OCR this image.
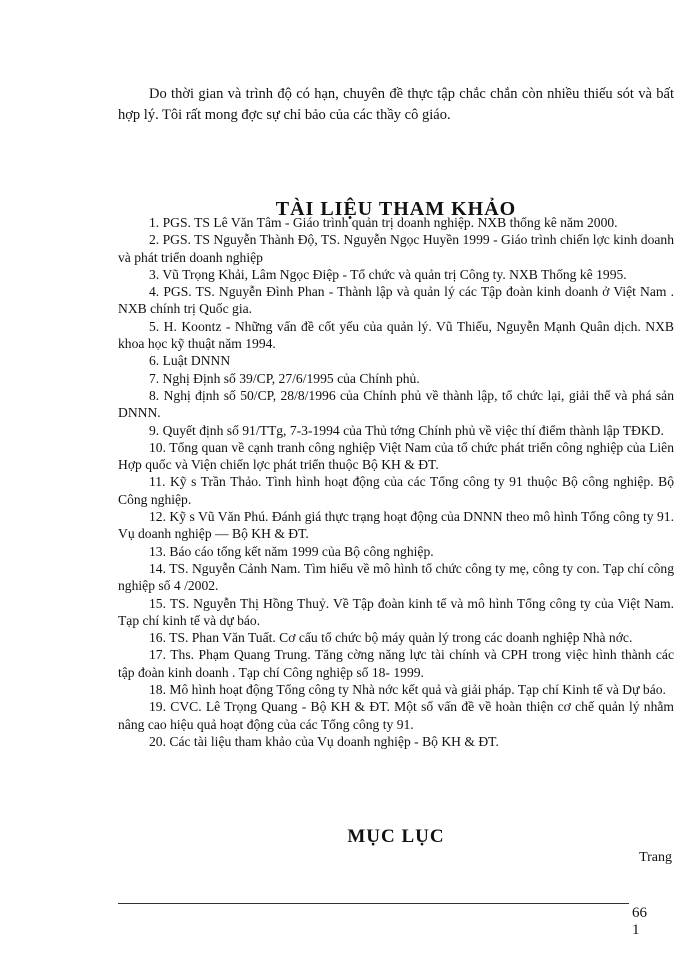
Do thời gian và trình độ có hạn, chuyên đề thực tập chắc chắn còn nhiều thiếu sót và bất hợp lý. Tôi rất mong đợc sự chỉ bảo của các thầy cô giáo.

TÀI LIỆU THAM KHẢO
1. PGS. TS Lê Văn Tâm - Giáo trình quản trị doanh nghiệp. NXB thống kê năm 2000.
2. PGS. TS Nguyễn Thành Độ, TS. Nguyễn Ngọc Huyền 1999 - Giáo trình chiến lợc kinh doanh và phát triển doanh nghiệp
3. Vũ Trọng Khải, Lâm Ngọc Điệp - Tổ chức và quản trị Công ty. NXB Thống kê 1995.
4. PGS. TS. Nguyễn Đình Phan - Thành lập và quản lý các Tập đoàn kinh doanh ở Việt Nam . NXB chính trị Quốc gia.
5. H. Koontz - Những vấn đề cốt yếu của quản lý. Vũ Thiếu, Nguyễn Mạnh Quân dịch. NXB khoa học kỹ thuật năm 1994.
6. Luật DNNN
7. Nghị Định số 39/CP, 27/6/1995 của Chính phủ.
8. Nghị định số 50/CP, 28/8/1996 của Chính phủ về thành lập, tổ chức lại, giải thể và phá sản DNNN.
9. Quyết định số 91/TTg, 7-3-1994 của Thủ tớng Chính phủ về việc thí điểm thành lập TĐKD.
10. Tổng quan về cạnh tranh công nghiệp Việt Nam của tổ chức phát triển công nghiệp của Liên Hợp quốc và Viện chiến lợc phát triển thuộc Bộ KH & ĐT.
11. Kỹ s Trần Thảo. Tình hình hoạt động của các Tổng công ty 91 thuộc Bộ công nghiệp. Bộ Công nghiệp.
12. Kỹ s Vũ Văn Phú. Đánh giá thực trạng hoạt động của DNNN theo mô hình Tổng công ty 91. Vụ doanh nghiệp — Bộ KH & ĐT.
13. Báo cáo tổng kết năm 1999 của Bộ công nghiệp.
14. TS. Nguyễn Cảnh Nam. Tìm hiểu về mô hình tổ chức công ty mẹ, công ty con. Tạp chí công nghiệp số 4 /2002.
15. TS. Nguyễn Thị Hồng Thuỷ. Về Tập đoàn kinh tế và mô hình Tổng công ty của Việt Nam. Tạp chí kinh tế và dự báo.
16. TS. Phan Văn Tuất. Cơ cấu tổ chức bộ máy quản lý trong các doanh nghiệp Nhà nớc.
17. Ths. Phạm Quang Trung. Tăng cờng năng lực tài chính và CPH trong việc hình thành các tập đoàn kinh doanh . Tạp chí Công nghiệp số 18- 1999.
18. Mô hình hoạt động Tổng công ty Nhà nớc kết quả và giải pháp. Tạp chí Kinh tế và Dự báo.
19. CVC. Lê Trọng Quang - Bộ KH & ĐT. Một số vấn đề về hoàn thiện cơ chế quản lý nhằm nâng cao hiệu quả hoạt động của các Tổng công ty 91.
20. Các tài liệu tham khảo của Vụ doanh nghiệp - Bộ KH & ĐT.
MỤC LỤC

Trang

66
1
